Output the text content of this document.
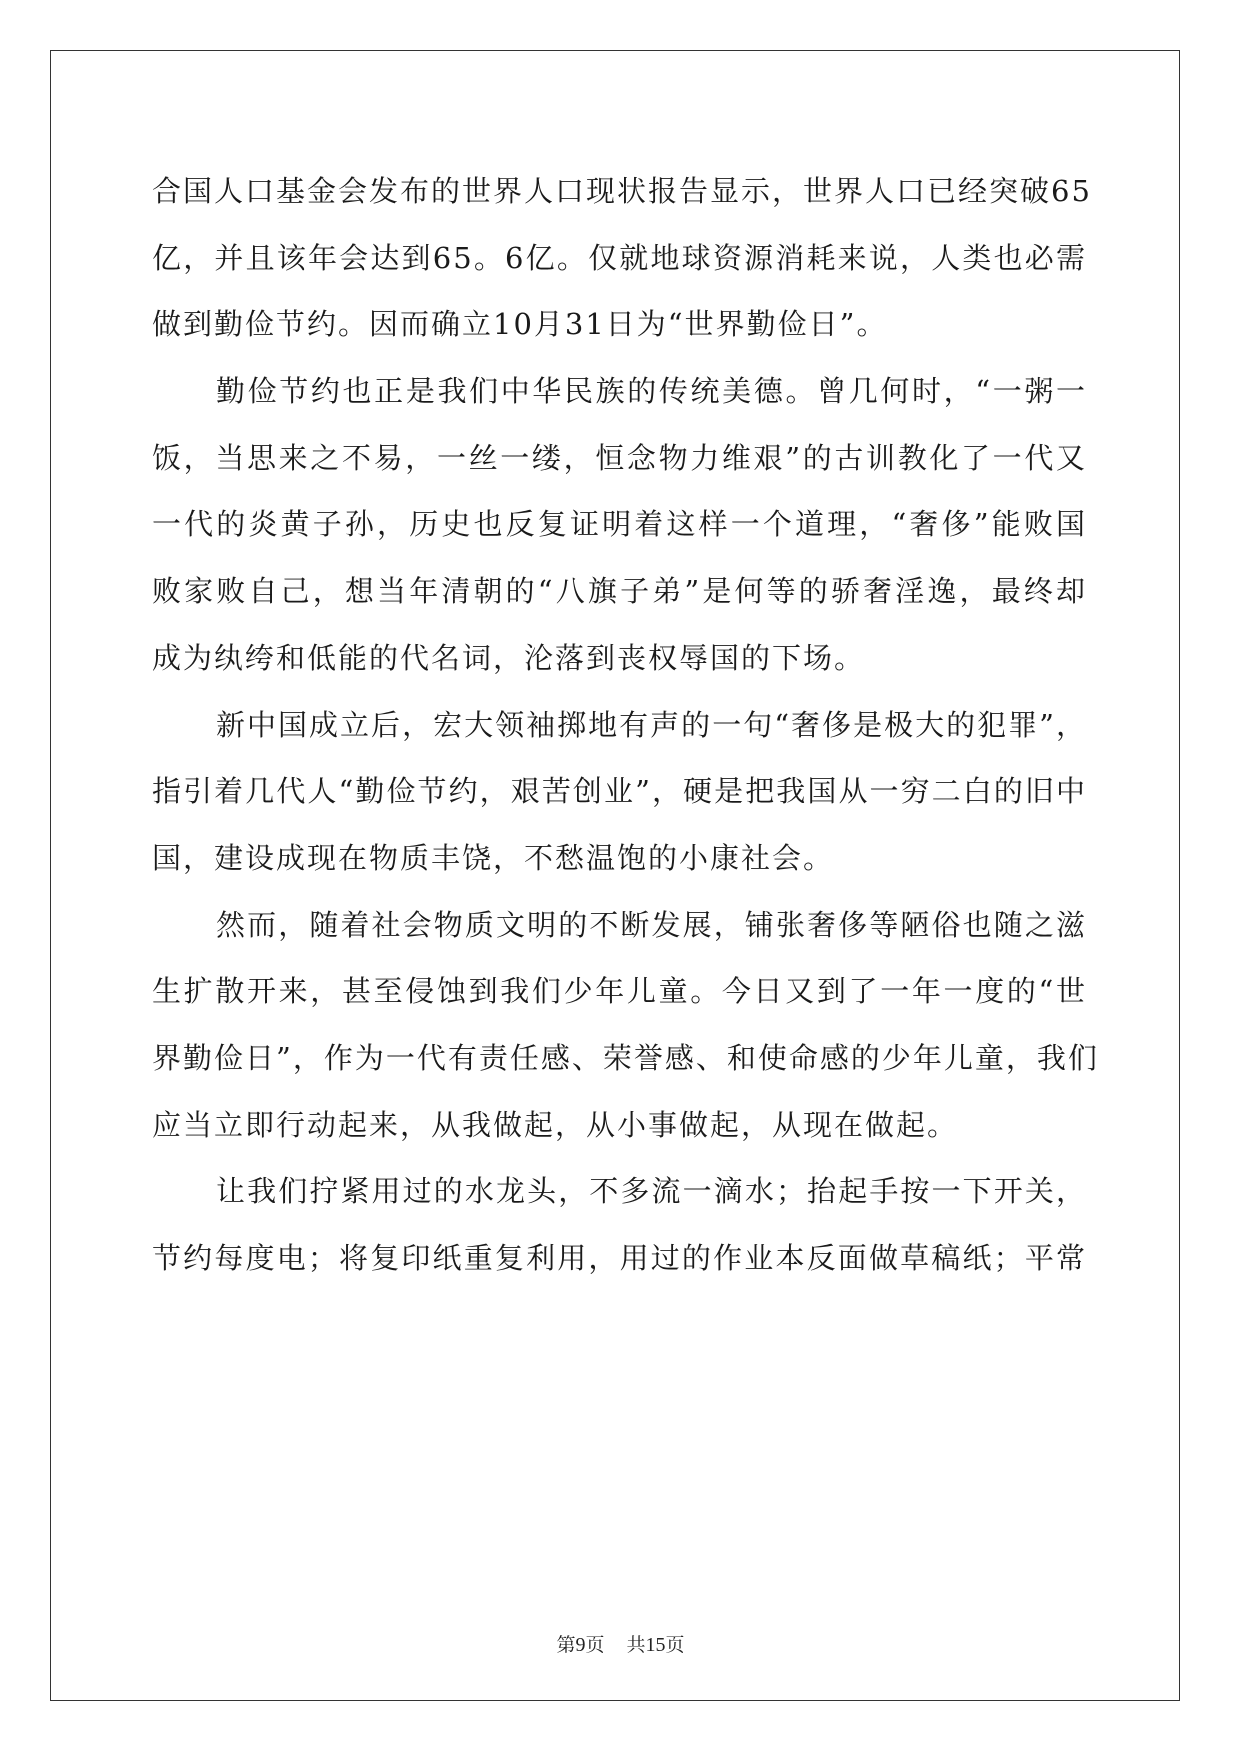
合国人口基金会发布的世界人口现状报告显示，世界人口已经突破65
亿，并且该年会达到65。6亿。仅就地球资源消耗来说，人类也必需
做到勤俭节约。因而确立10月31日为“世界勤俭日”。
勤俭节约也正是我们中华民族的传统美德。曾几何时，“一粥一
饭，当思来之不易，一丝一缕，恒念物力维艰”的古训教化了一代又
一代的炎黄子孙，历史也反复证明着这样一个道理，“奢侈”能败国
败家败自己，想当年清朝的“八旗子弟”是何等的骄奢淫逸，最终却
成为纨绔和低能的代名词，沦落到丧权辱国的下场。
新中国成立后，宏大领袖掷地有声的一句“奢侈是极大的犯罪”，
指引着几代人“勤俭节约，艰苦创业”，硬是把我国从一穷二白的旧中
国，建设成现在物质丰饶，不愁温饱的小康社会。
然而，随着社会物质文明的不断发展，铺张奢侈等陋俗也随之滋
生扩散开来，甚至侵蚀到我们少年儿童。今日又到了一年一度的“世
界勤俭日”，作为一代有责任感、荣誉感、和使命感的少年儿童，我们
应当立即行动起来，从我做起，从小事做起，从现在做起。
让我们拧紧用过的水龙头，不多流一滴水；抬起手按一下开关，
节约每度电；将复印纸重复利用，用过的作业本反面做草稿纸；平常
第9页 共15页
